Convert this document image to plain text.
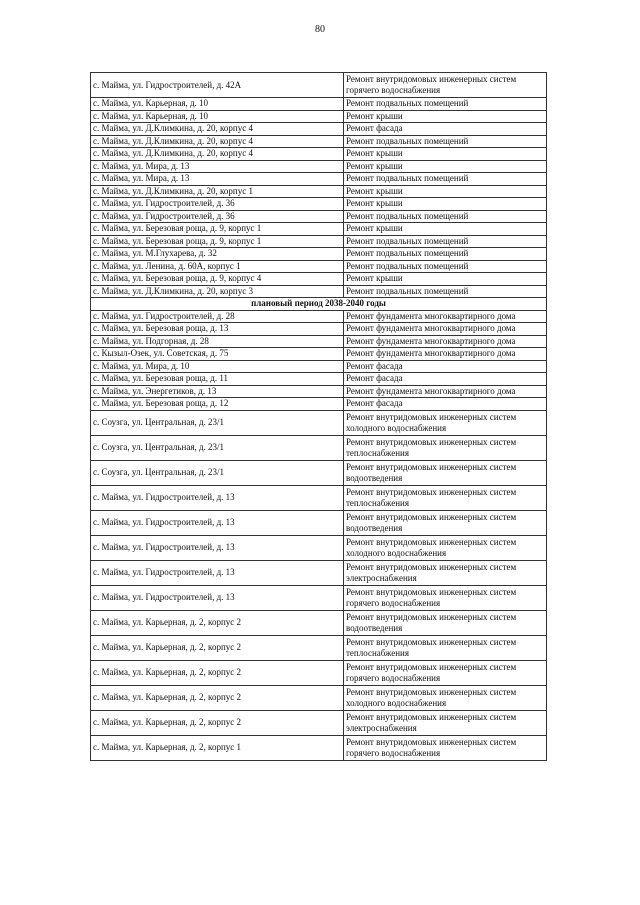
80
с. Майма, ул. Гидростроителей, д. 42А	Ремонт внутридомовых инженерных систем
горячего водоснабжения

с. Майма, ул. Карьерная, д. 10	Ремонт подвальных помещений
с. Майма, ул. Карьерная, д. 10	Ремонт крыши
с. Майма, ул. Д.Климкина, д. 20, корпус 4	Ремонт фасада
с. Майма, ул. Д.Климкина, д. 20, корпус 4	Ремонт подвальных помещений
с. Майма, ул. Д.Климкина, д. 20, корпус 4	Ремонт крыши
с. Майма, ул. Мира, д. 13	Ремонт крыши
с. Майма, ул. Мира, д. 13	Ремонт подвальных помещений
с. Майма, ул. Д.Климкина, д. 20, корпус 1	Ремонт крыши
с. Майма, ул. Гидростроителей, д. 36	Ремонт крыши
с. Майма, ул. Гидростроителей, д. 36	Ремонт подвальных помещений
с. Майма, ул. Березовая роща, д. 9, корпус 1	Ремонт крыши
с. Майма, ул. Березовая роща, д. 9, корпус 1	Ремонт подвальных помещений
с. Майма, ул. М.Глухарева, д. 32	Ремонт подвальных помещений
с. Майма, ул. Ленина, д. 60А, корпус 1	Ремонт подвальных помещений
с. Майма, ул. Березовая роща, д. 9, корпус 4	Ремонт крыши
с. Майма, ул. Д.Климкина, д. 20, корпус 3	Ремонт подвальных помещений
плановый период 2038-2040 годы	
с. Майма, ул. Гидростроителей, д. 28	Ремонт фундамента многоквартирного дома
с. Майма, ул. Березовая роща, д. 13	Ремонт фундамента многоквартирного дома
с. Майма, ул. Подгорная, д. 28	Ремонт фундамента многоквартирного дома
с. Кызыл-Озек, ул. Советская, д. 75	Ремонт фундамента многоквартирного дома
с. Майма, ул. Мира, д. 10	Ремонт фасада
с. Майма, ул. Березовая роща, д. 11	Ремонт фасада
с. Майма, ул. Энергетиков, д. 13	Ремонт фундамента многоквартирного дома
с. Майма, ул. Березовая роща, д. 12	Ремонт фасада
с. Соузга, ул. Центральная, д. 23/1	Ремонт внутридомовых инженерных систем
холодного водоснабжения

с. Соузга, ул. Центральная, д. 23/1	Ремонт внутридомовых инженерных систем
теплоснабжения

с. Соузга, ул. Центральная, д. 23/1	Ремонт внутридомовых инженерных систем
водоотведения

с. Майма, ул. Гидростроителей, д. 13	Ремонт внутридомовых инженерных систем
теплоснабжения

с. Майма, ул. Гидростроителей, д. 13	Ремонт внутридомовых инженерных систем
водоотведения

с. Майма, ул. Гидростроителей, д. 13	Ремонт внутридомовых инженерных систем
холодного водоснабжения

с. Майма, ул. Гидростроителей, д. 13	Ремонт внутридомовых инженерных систем
электроснабжения

с. Майма, ул. Гидростроителей, д. 13	Ремонт внутридомовых инженерных систем
горячего водоснабжения

с. Майма, ул. Карьерная, д. 2, корпус 2	Ремонт внутридомовых инженерных систем
водоотведения

с. Майма, ул. Карьерная, д. 2, корпус 2	Ремонт внутридомовых инженерных систем
теплоснабжения

с. Майма, ул. Карьерная, д. 2, корпус 2	Ремонт внутридомовых инженерных систем
горячего водоснабжения

с. Майма, ул. Карьерная, д. 2, корпус 2	Ремонт внутридомовых инженерных систем
холодного водоснабжения

с. Майма, ул. Карьерная, д. 2, корпус 2	Ремонт внутридомовых инженерных систем
электроснабжения

с. Майма, ул. Карьерная, д. 2, корпус 1	Ремонт внутридомовых инженерных систем
горячего водоснабжения
